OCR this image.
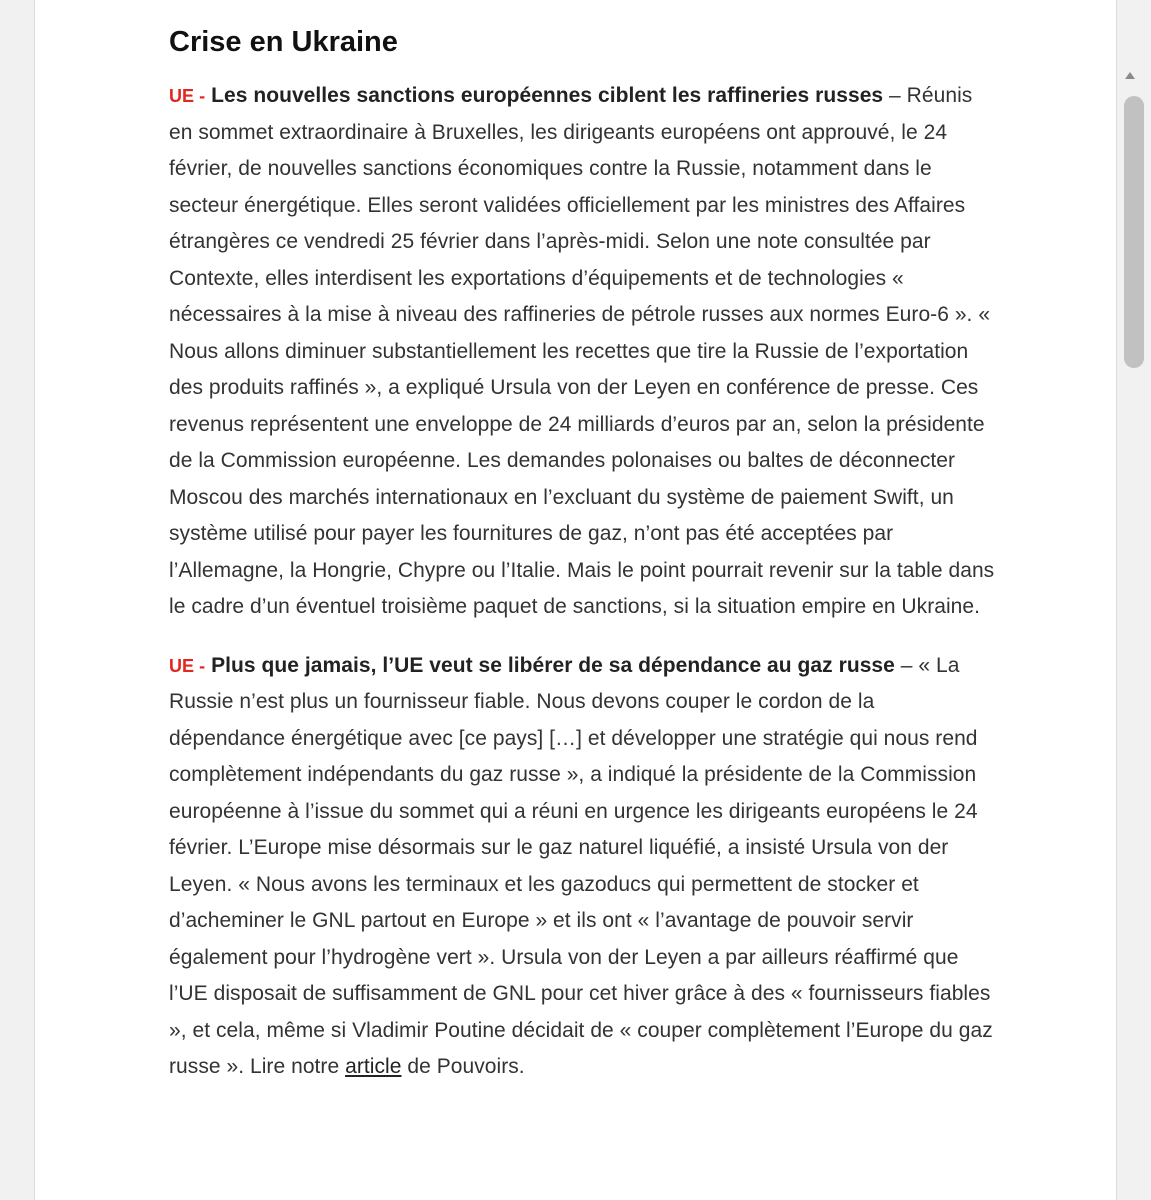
Crise en Ukraine

UE - Les nouvelles sanctions européennes ciblent les raffineries russes – Réunis en sommet extraordinaire à Bruxelles, les dirigeants européens ont approuvé, le 24 février, de nouvelles sanctions économiques contre la Russie, notamment dans le secteur énergétique. Elles seront validées officiellement par les ministres des Affaires étrangères ce vendredi 25 février dans l’après-midi. Selon une note consultée par Contexte, elles interdisent les exportations d’équipements et de technologies « nécessaires à la mise à niveau des raffineries de pétrole russes aux normes Euro-6 ». « Nous allons diminuer substantiellement les recettes que tire la Russie de l’exportation des produits raffinés », a expliqué Ursula von der Leyen en conférence de presse. Ces revenus représentent une enveloppe de 24 milliards d’euros par an, selon la présidente de la Commission européenne. Les demandes polonaises ou baltes de déconnecter Moscou des marchés internationaux en l’excluant du système de paiement Swift, un système utilisé pour payer les fournitures de gaz, n’ont pas été acceptées par l’Allemagne, la Hongrie, Chypre ou l’Italie. Mais le point pourrait revenir sur la table dans le cadre d’un éventuel troisième paquet de sanctions, si la situation empire en Ukraine.

UE - Plus que jamais, l’UE veut se libérer de sa dépendance au gaz russe – « La Russie n’est plus un fournisseur fiable. Nous devons couper le cordon de la dépendance énergétique avec [ce pays] […] et développer une stratégie qui nous rend complètement indépendants du gaz russe », a indiqué la présidente de la Commission européenne à l’issue du sommet qui a réuni en urgence les dirigeants européens le 24 février. L’Europe mise désormais sur le gaz naturel liquéfié, a insisté Ursula von der Leyen. « Nous avons les terminaux et les gazoducs qui permettent de stocker et d’acheminer le GNL partout en Europe » et ils ont « l’avantage de pouvoir servir également pour l’hydrogène vert ». Ursula von der Leyen a par ailleurs réaffirmé que l’UE disposait de suffisamment de GNL pour cet hiver grâce à des « fournisseurs fiables », et cela, même si Vladimir Poutine décidait de « couper complètement l’Europe du gaz russe ». Lire notre article de Pouvoirs.
